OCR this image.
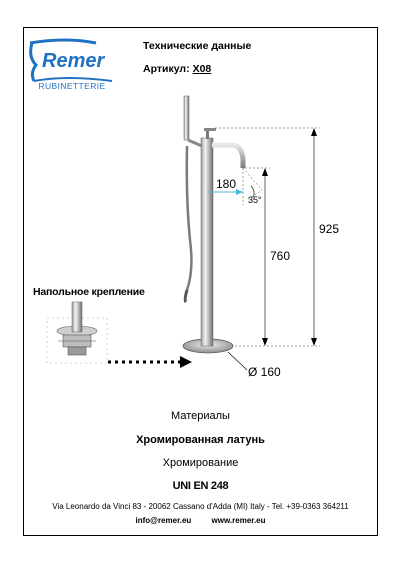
Remer
RUBINETTERIE
Технические данные
Артикул: X08
Напольное крепление
180
35°
760
925
Ø 160
Материалы
Хромированная латунь
Хромирование
UNI EN 248
Via Leonardo da Vinci 83 - 20062 Cassano d'Adda (MI) Italy - Tel. +39-0363 364211
info@remer.eu	www.remer.eu
